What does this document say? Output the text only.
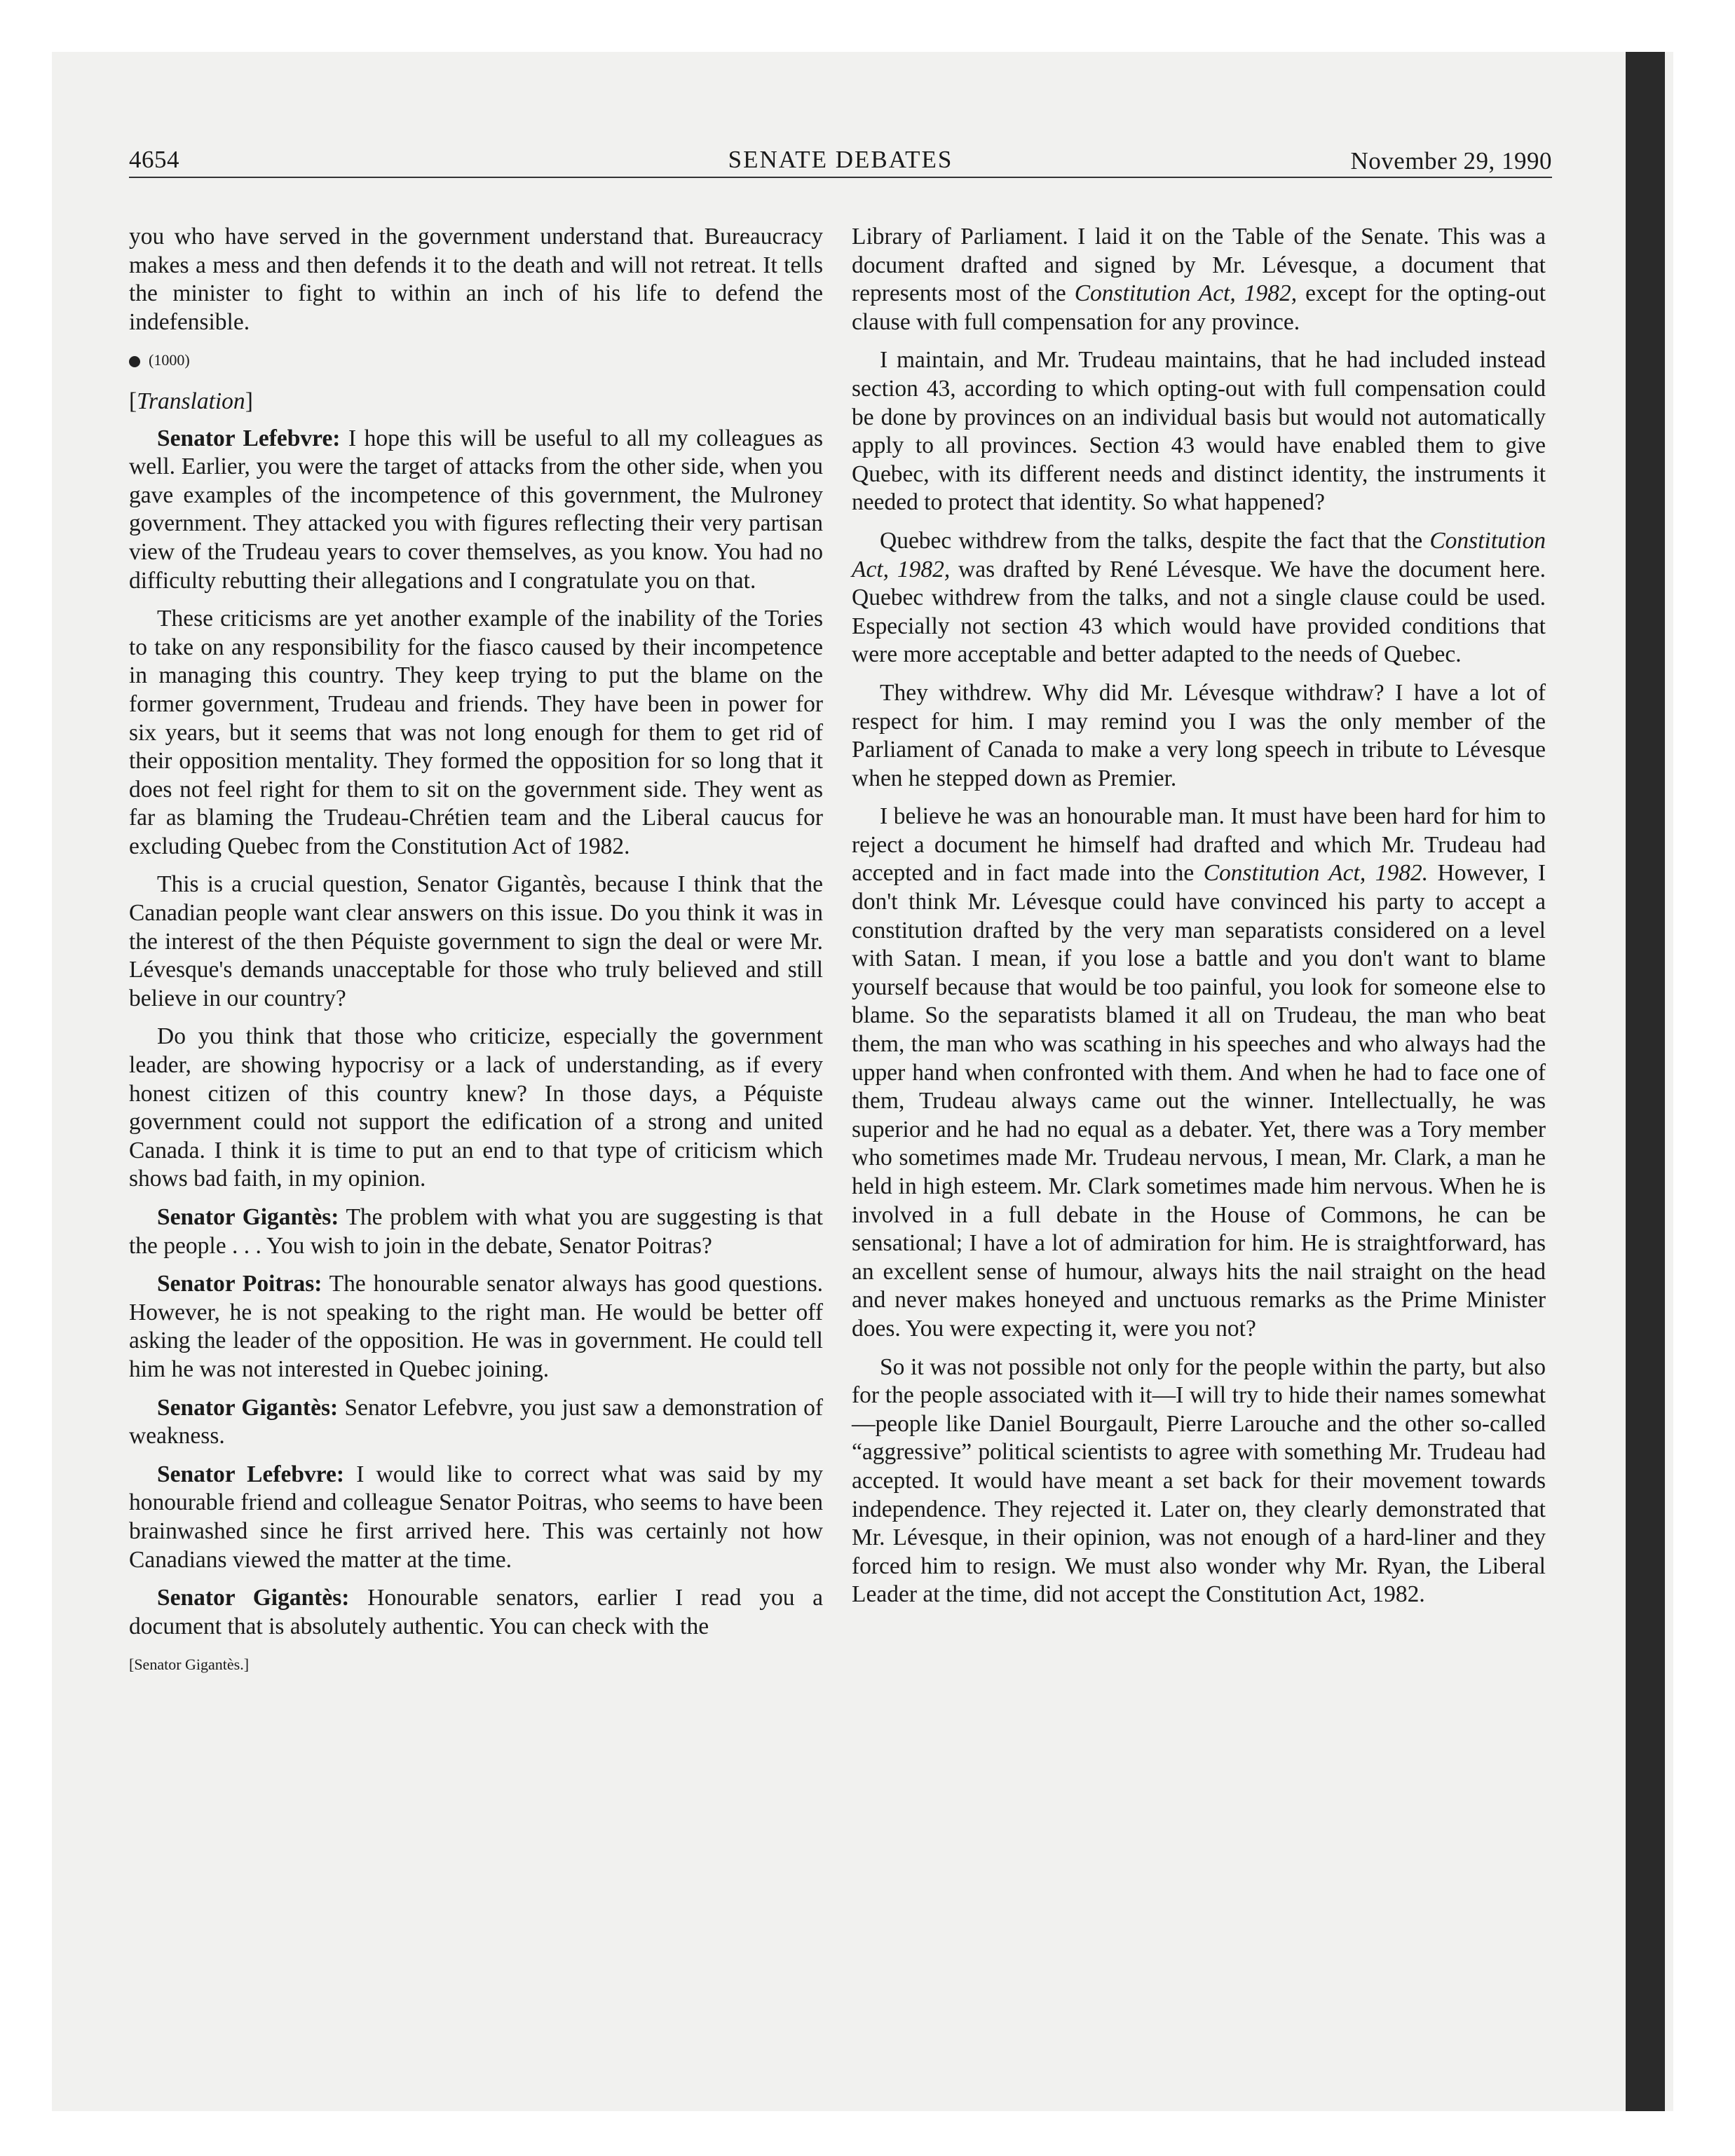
4654	SENATE DEBATES	November 29, 1990

you who have served in the government understand that. Bureaucracy makes a mess and then defends it to the death and will not retreat. It tells the minister to fight to within an inch of his life to defend the indefensible.

(1000)
[Translation]

Senator Lefebvre: I hope this will be useful to all my colleagues as well. Earlier, you were the target of attacks from the other side, when you gave examples of the incompetence of this government, the Mulroney government. They attacked you with figures reflecting their very partisan view of the Trudeau years to cover themselves, as you know. You had no difficulty rebutting their allegations and I congratulate you on that.

These criticisms are yet another example of the inability of the Tories to take on any responsibility for the fiasco caused by their incompetence in managing this country. They keep trying to put the blame on the former government, Trudeau and friends. They have been in power for six years, but it seems that was not long enough for them to get rid of their opposition mentality. They formed the opposition for so long that it does not feel right for them to sit on the government side. They went as far as blaming the Trudeau-Chrétien team and the Liberal caucus for excluding Quebec from the Constitution Act of 1982.

This is a crucial question, Senator Gigantès, because I think that the Canadian people want clear answers on this issue. Do you think it was in the interest of the then Péquiste government to sign the deal or were Mr. Lévesque's demands unacceptable for those who truly believed and still believe in our country?

Do you think that those who criticize, especially the government leader, are showing hypocrisy or a lack of understanding, as if every honest citizen of this country knew? In those days, a Péquiste government could not support the edification of a strong and united Canada. I think it is time to put an end to that type of criticism which shows bad faith, in my opinion.

Senator Gigantès: The problem with what you are suggesting is that the people . . . You wish to join in the debate, Senator Poitras?

Senator Poitras: The honourable senator always has good questions. However, he is not speaking to the right man. He would be better off asking the leader of the opposition. He was in government. He could tell him he was not interested in Quebec joining.

Senator Gigantès: Senator Lefebvre, you just saw a demonstration of weakness.

Senator Lefebvre: I would like to correct what was said by my honourable friend and colleague Senator Poitras, who seems to have been brainwashed since he first arrived here. This was certainly not how Canadians viewed the matter at the time.

Senator Gigantès: Honourable senators, earlier I read you a document that is absolutely authentic. You can check with the

[Senator Gigantès.]

Library of Parliament. I laid it on the Table of the Senate. This was a document drafted and signed by Mr. Lévesque, a document that represents most of the Constitution Act, 1982, except for the opting-out clause with full compensation for any province.

I maintain, and Mr. Trudeau maintains, that he had included instead section 43, according to which opting-out with full compensation could be done by provinces on an individual basis but would not automatically apply to all provinces. Section 43 would have enabled them to give Quebec, with its different needs and distinct identity, the instruments it needed to protect that identity. So what happened?

Quebec withdrew from the talks, despite the fact that the Constitution Act, 1982, was drafted by René Lévesque. We have the document here. Quebec withdrew from the talks, and not a single clause could be used. Especially not section 43 which would have provided conditions that were more acceptable and better adapted to the needs of Quebec.

They withdrew. Why did Mr. Lévesque withdraw? I have a lot of respect for him. I may remind you I was the only member of the Parliament of Canada to make a very long speech in tribute to Lévesque when he stepped down as Premier.

I believe he was an honourable man. It must have been hard for him to reject a document he himself had drafted and which Mr. Trudeau had accepted and in fact made into the Constitution Act, 1982. However, I don't think Mr. Lévesque could have convinced his party to accept a constitution drafted by the very man separatists considered on a level with Satan. I mean, if you lose a battle and you don't want to blame yourself because that would be too painful, you look for someone else to blame. So the separatists blamed it all on Trudeau, the man who beat them, the man who was scathing in his speeches and who always had the upper hand when confronted with them. And when he had to face one of them, Trudeau always came out the winner. Intellectually, he was superior and he had no equal as a debater. Yet, there was a Tory member who sometimes made Mr. Trudeau nervous, I mean, Mr. Clark, a man he held in high esteem. Mr. Clark sometimes made him nervous. When he is involved in a full debate in the House of Commons, he can be sensational; I have a lot of admiration for him. He is straightforward, has an excellent sense of humour, always hits the nail straight on the head and never makes honeyed and unctuous remarks as the Prime Minister does. You were expecting it, were you not?

So it was not possible not only for the people within the party, but also for the people associated with it—I will try to hide their names somewhat—people like Daniel Bourgault, Pierre Larouche and the other so-called “aggressive” political scientists to agree with something Mr. Trudeau had accepted. It would have meant a set back for their movement towards independence. They rejected it. Later on, they clearly demonstrated that Mr. Lévesque, in their opinion, was not enough of a hard-liner and they forced him to resign. We must also wonder why Mr. Ryan, the Liberal Leader at the time, did not accept the Constitution Act, 1982.
